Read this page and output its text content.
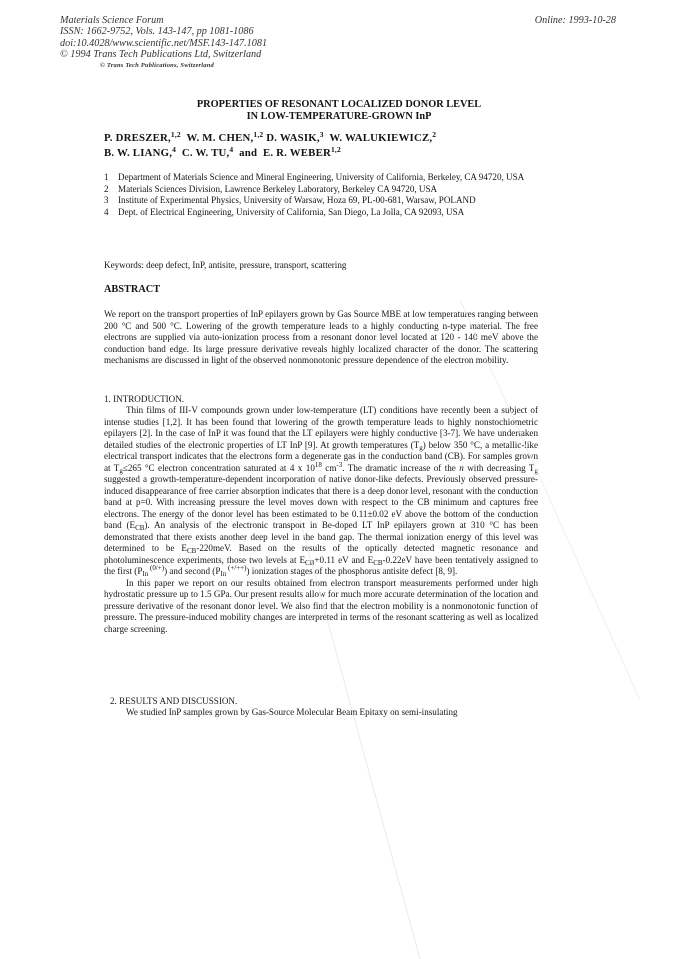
Materials Science Forum
ISSN: 1662-9752, Vols. 143-147, pp 1081-1086
doi:10.4028/www.scientific.net/MSF.143-147.1081
© 1994 Trans Tech Publications Ltd, Switzerland
© Trans Tech Publications, Switzerland
Online: 1993-10-28
PROPERTIES OF RESONANT LOCALIZED DONOR LEVEL
IN LOW-TEMPERATURE-GROWN InP
P. DRESZER,$^{1,2}$ W. M. CHEN,$^{1,2}$ D. WASIK,$^3$ W. WALUKIEWICZ,$^2$
B. W. LIANG,$^4$ C. W. TU,$^4$ and E. R. WEBER$^{1,2}$
1 Department of Materials Science and Mineral Engineering, University of California, Berkeley, CA 94720, USA
2 Materials Sciences Division, Lawrence Berkeley Laboratory, Berkeley CA 94720, USA
3 Institute of Experimental Physics, University of Warsaw, Hoza 69, PL-00-681, Warsaw, POLAND
4 Dept. of Electrical Engineering, University of California, San Diego, La Jolla, CA 92093, USA
Keywords: deep defect, InP, antisite, pressure, transport, scattering
ABSTRACT
We report on the transport properties of InP epilayers grown by Gas Source MBE at low temperatures ranging between 200 °C and 500 °C. Lowering of the growth temperature leads to a highly conducting n-type material. The free electrons are supplied via auto-ionization process from a resonant donor level located at 120 - 140 meV above the conduction band edge. Its large pressure derivative reveals highly localized character of the donor. The scattering mechanisms are discussed in light of the observed nonmonotonic pressure dependence of the electron mobility.
1. INTRODUCTION.

Thin films of III-V compounds grown under low-temperature (LT) conditions have recently been a subject of intense studies [1,2]. It has been found that lowering of the growth temperature leads to highly nonstochiometric epilayers [2]. In the case of InP it was found that the LT epilayers were highly conductive [3-7]. We have undertaken detailed studies of the electronic properties of LT InP [9]. At growth temperatures $(T_g)$ below 350 °C, a metallic-like electrical transport indicates that the electrons form a degenerate gas in the conduction band (CB). For samples grown at $T_g\le 265$ °C electron concentration saturated at 4 x $10^{18}$ $cm^{-3}$. The dramatic increase of the n with decreasing $T_g$ suggested a growth-temperature-dependent incorporation of native donor-like defects. Previously observed pressure-induced disappearance of free carrier absorption indicates that there is a deep donor level, resonant with the conduction band at p=0. With increasing pressure the level moves down with respect to the CB minimum and captures free electrons. The energy of the donor level has been estimated to be 0.11±0.02 eV above the bottom of the conduction band $(E_{CB})$. An analysis of the electronic transport in Be-doped LT InP epilayers grown at 310 °C has been demonstrated that there exists another deep level in the band gap. The thermal ionization energy of this level was determined to be $E_{CB}-220meV$. Based on the results of the optically detected magnetic resonance and photoluminescence experiments, those two levels at $E_{CB}+0.11$ eV and $E_{CB}-0.22eV$ have been tentatively assigned to the first ($P_{In}$ $^{(0/+)}$) and second ($P_{In}$ (+/++)) ionization stages of the phosphorus antisite defect [8, 9].

In this paper we report on our results obtained from electron transport measurements performed under high hydrostatic pressure up to 1.5 GPa. Our present results allow for much more accurate determination of the location and pressure derivative of the resonant donor level. We also find that the electron mobility is a nonmonotonic function of pressure. The pressure-induced mobility changes are interpreted in terms of the resonant scattering as well as localized charge screening.

2. RESULTS AND DISCUSSION.

We studied InP samples grown by Gas-Source Molecular Beam Epitaxy on semi-insulating
